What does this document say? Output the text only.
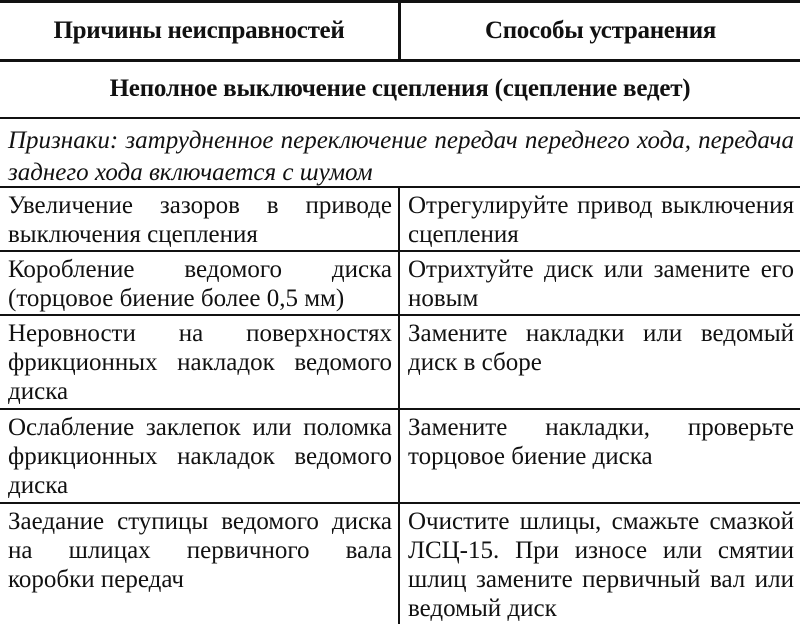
Причины неисправностей	Способы устранения
Неполное выключение сцепления (сцепление ведет)
Признаки: затрудненное переключение передач переднего хода, передача заднего хода включается с шумом
Увеличение зазоров в приводе выключения сцепления
Отрегулируйте привод выключения сцепления
Коробление ведомого диска (торцовое биение более 0,5 мм)
Отрихтуйте диск или замените его новым
Неровности на поверхностях фрикционных накладок ведомого диска
Замените накладки или ведомый диск в сборе
Ослабление заклепок или поломка фрикционных накладок ведомого диска
Замените накладки, проверьте торцовое биение диска
Заедание ступицы ведомого диска на шлицах первичного вала коробки передач
Очистите шлицы, смажьте смазкой ЛСЦ-15. При износе или смятии шлиц замените первичный вал или ведомый диск
